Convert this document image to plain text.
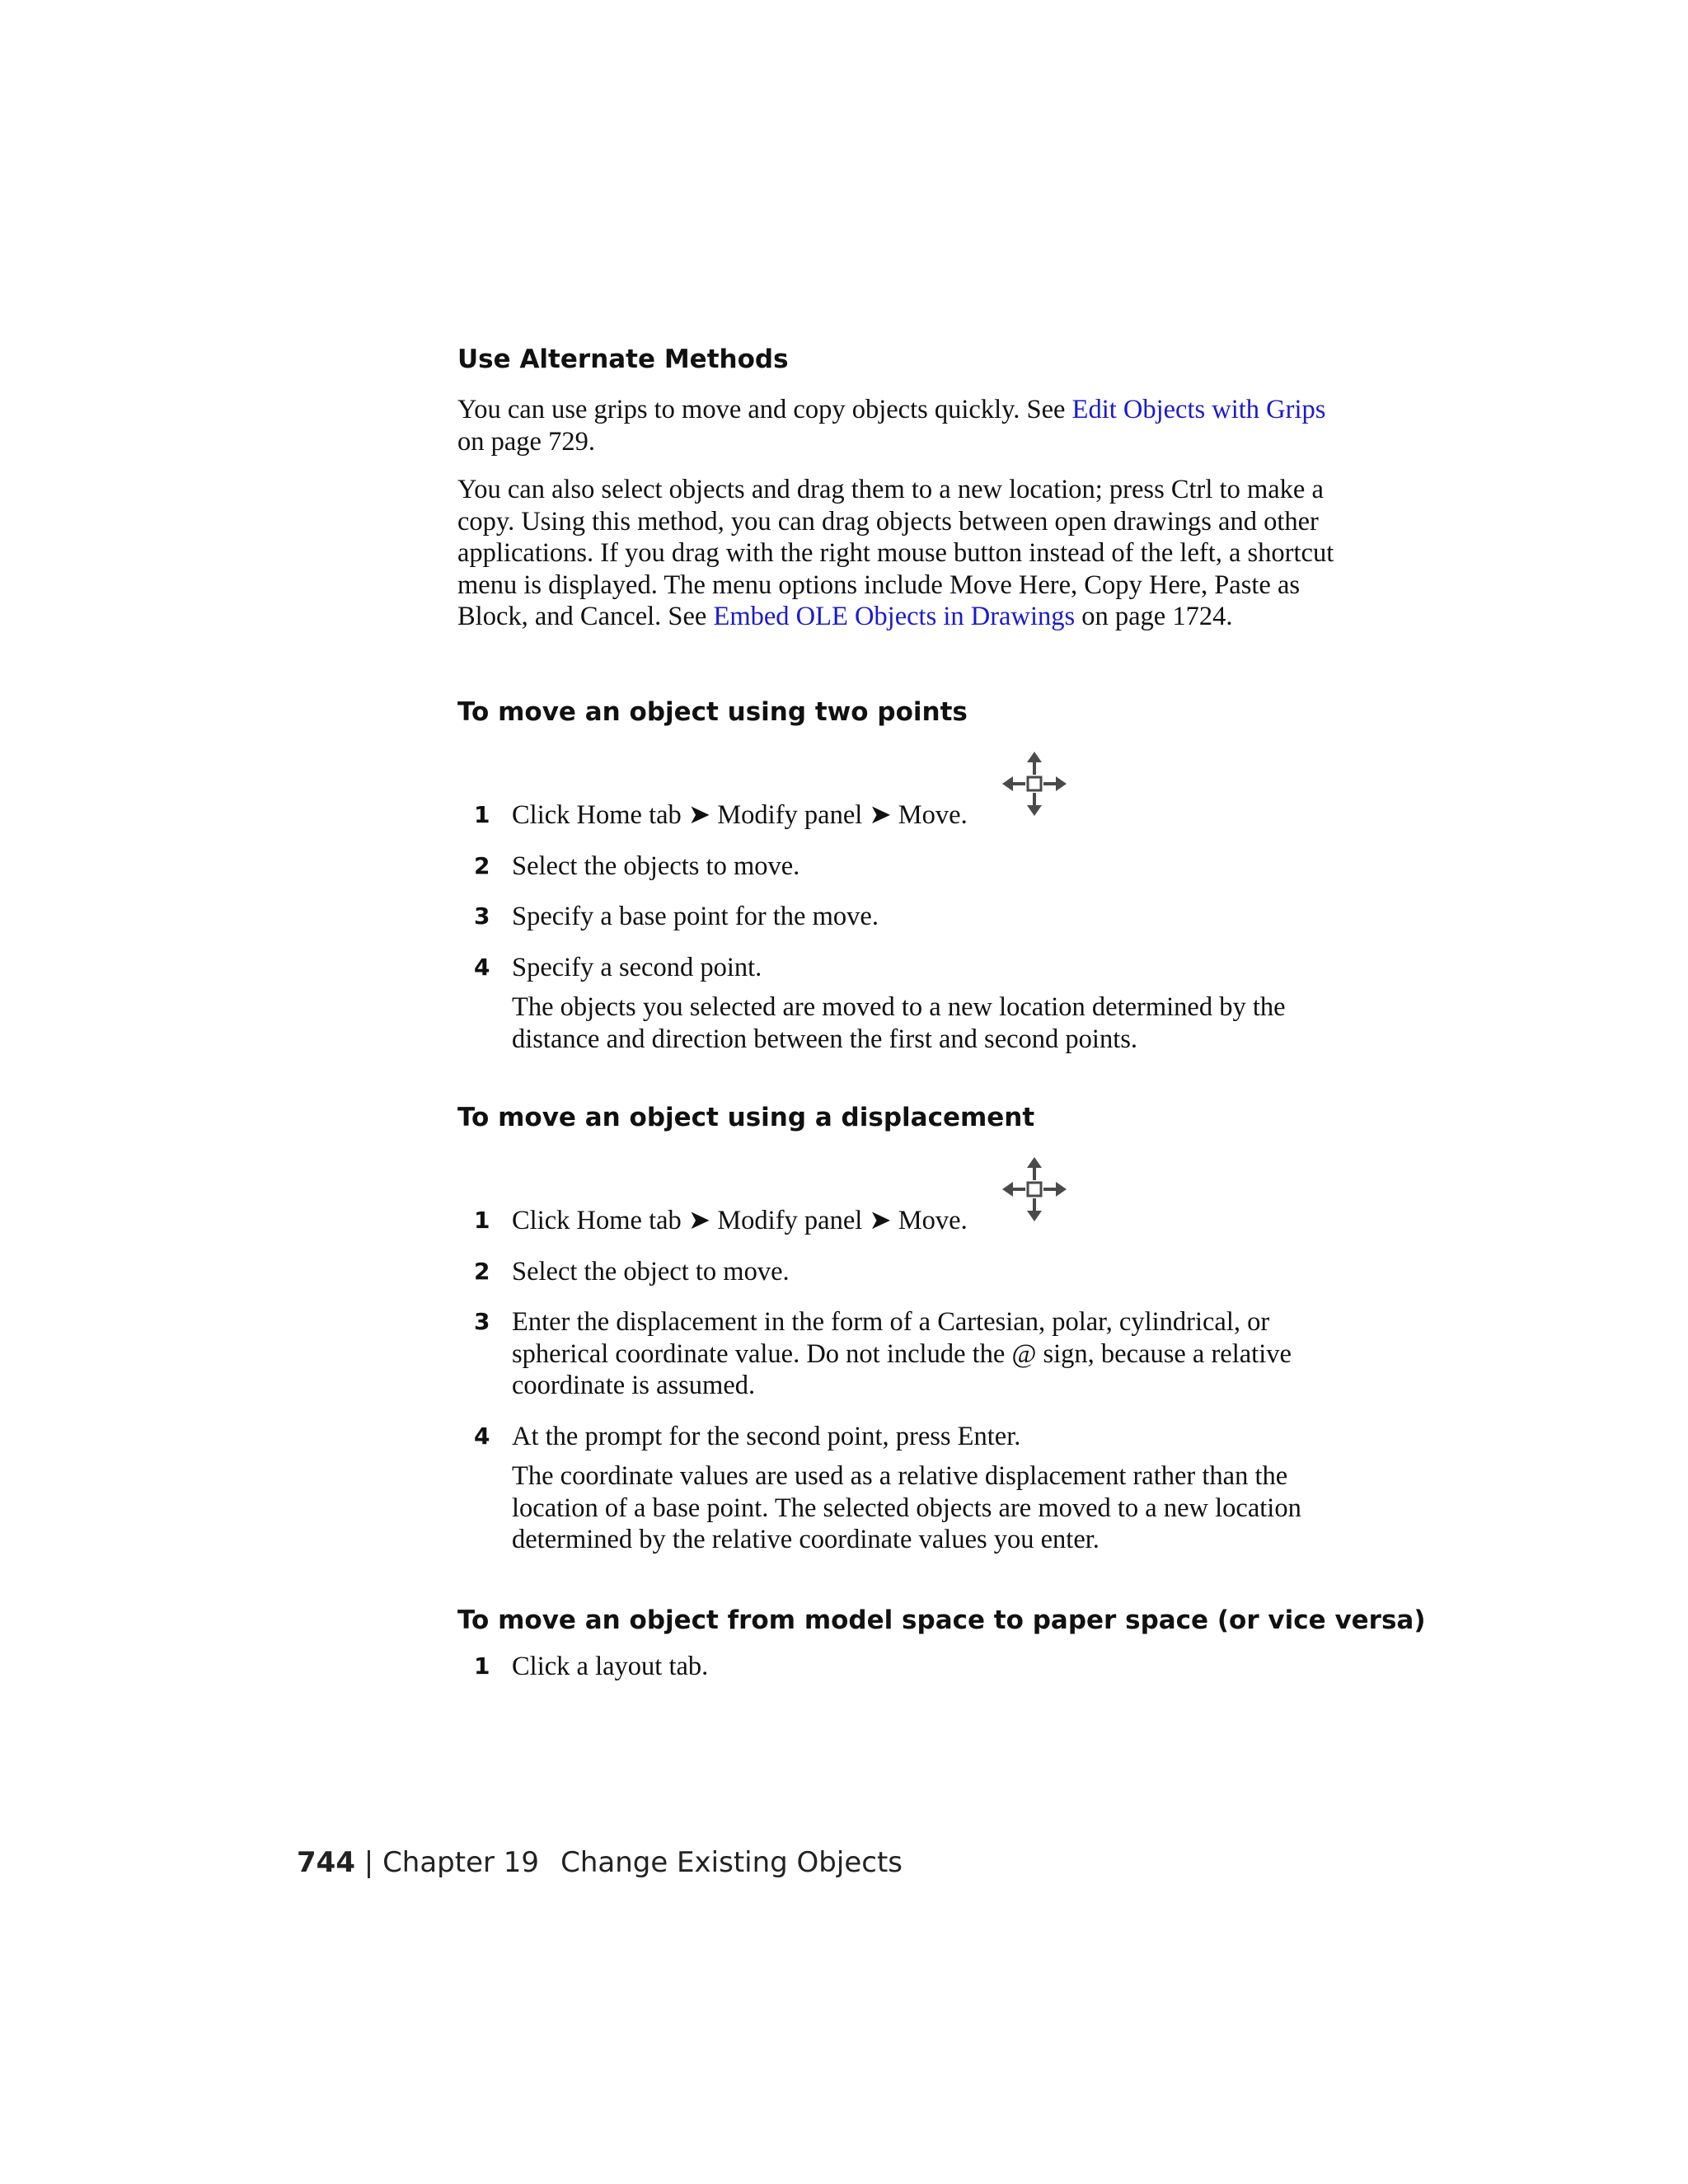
Use Alternate Methods

You can use grips to move and copy objects quickly. See Edit Objects with Grips on page 729.

You can also select objects and drag them to a new location; press Ctrl to make a copy. Using this method, you can drag objects between open drawings and other applications. If you drag with the right mouse button instead of the left, a shortcut menu is displayed. The menu options include Move Here, Copy Here, Paste as Block, and Cancel. See Embed OLE Objects in Drawings on page 1724.

To move an object using two points
1 Click Home tab ➤ Modify panel ➤ Move.
2 Select the objects to move.
3 Specify a base point for the move.
4 Specify a second point.

The objects you selected are moved to a new location determined by the distance and direction between the first and second points.

To move an object using a displacement
1 Click Home tab ➤ Modify panel ➤ Move.
2 Select the object to move.
3 Enter the displacement in the form of a Cartesian, polar, cylindrical, or spherical coordinate value. Do not include the @ sign, because a relative coordinate is assumed.
4 At the prompt for the second point, press Enter.

The coordinate values are used as a relative displacement rather than the location of a base point. The selected objects are moved to a new location determined by the relative coordinate values you enter.

To move an object from model space to paper space (or vice versa)
1 Click a layout tab.
744 | Chapter 19 Change Existing Objects
